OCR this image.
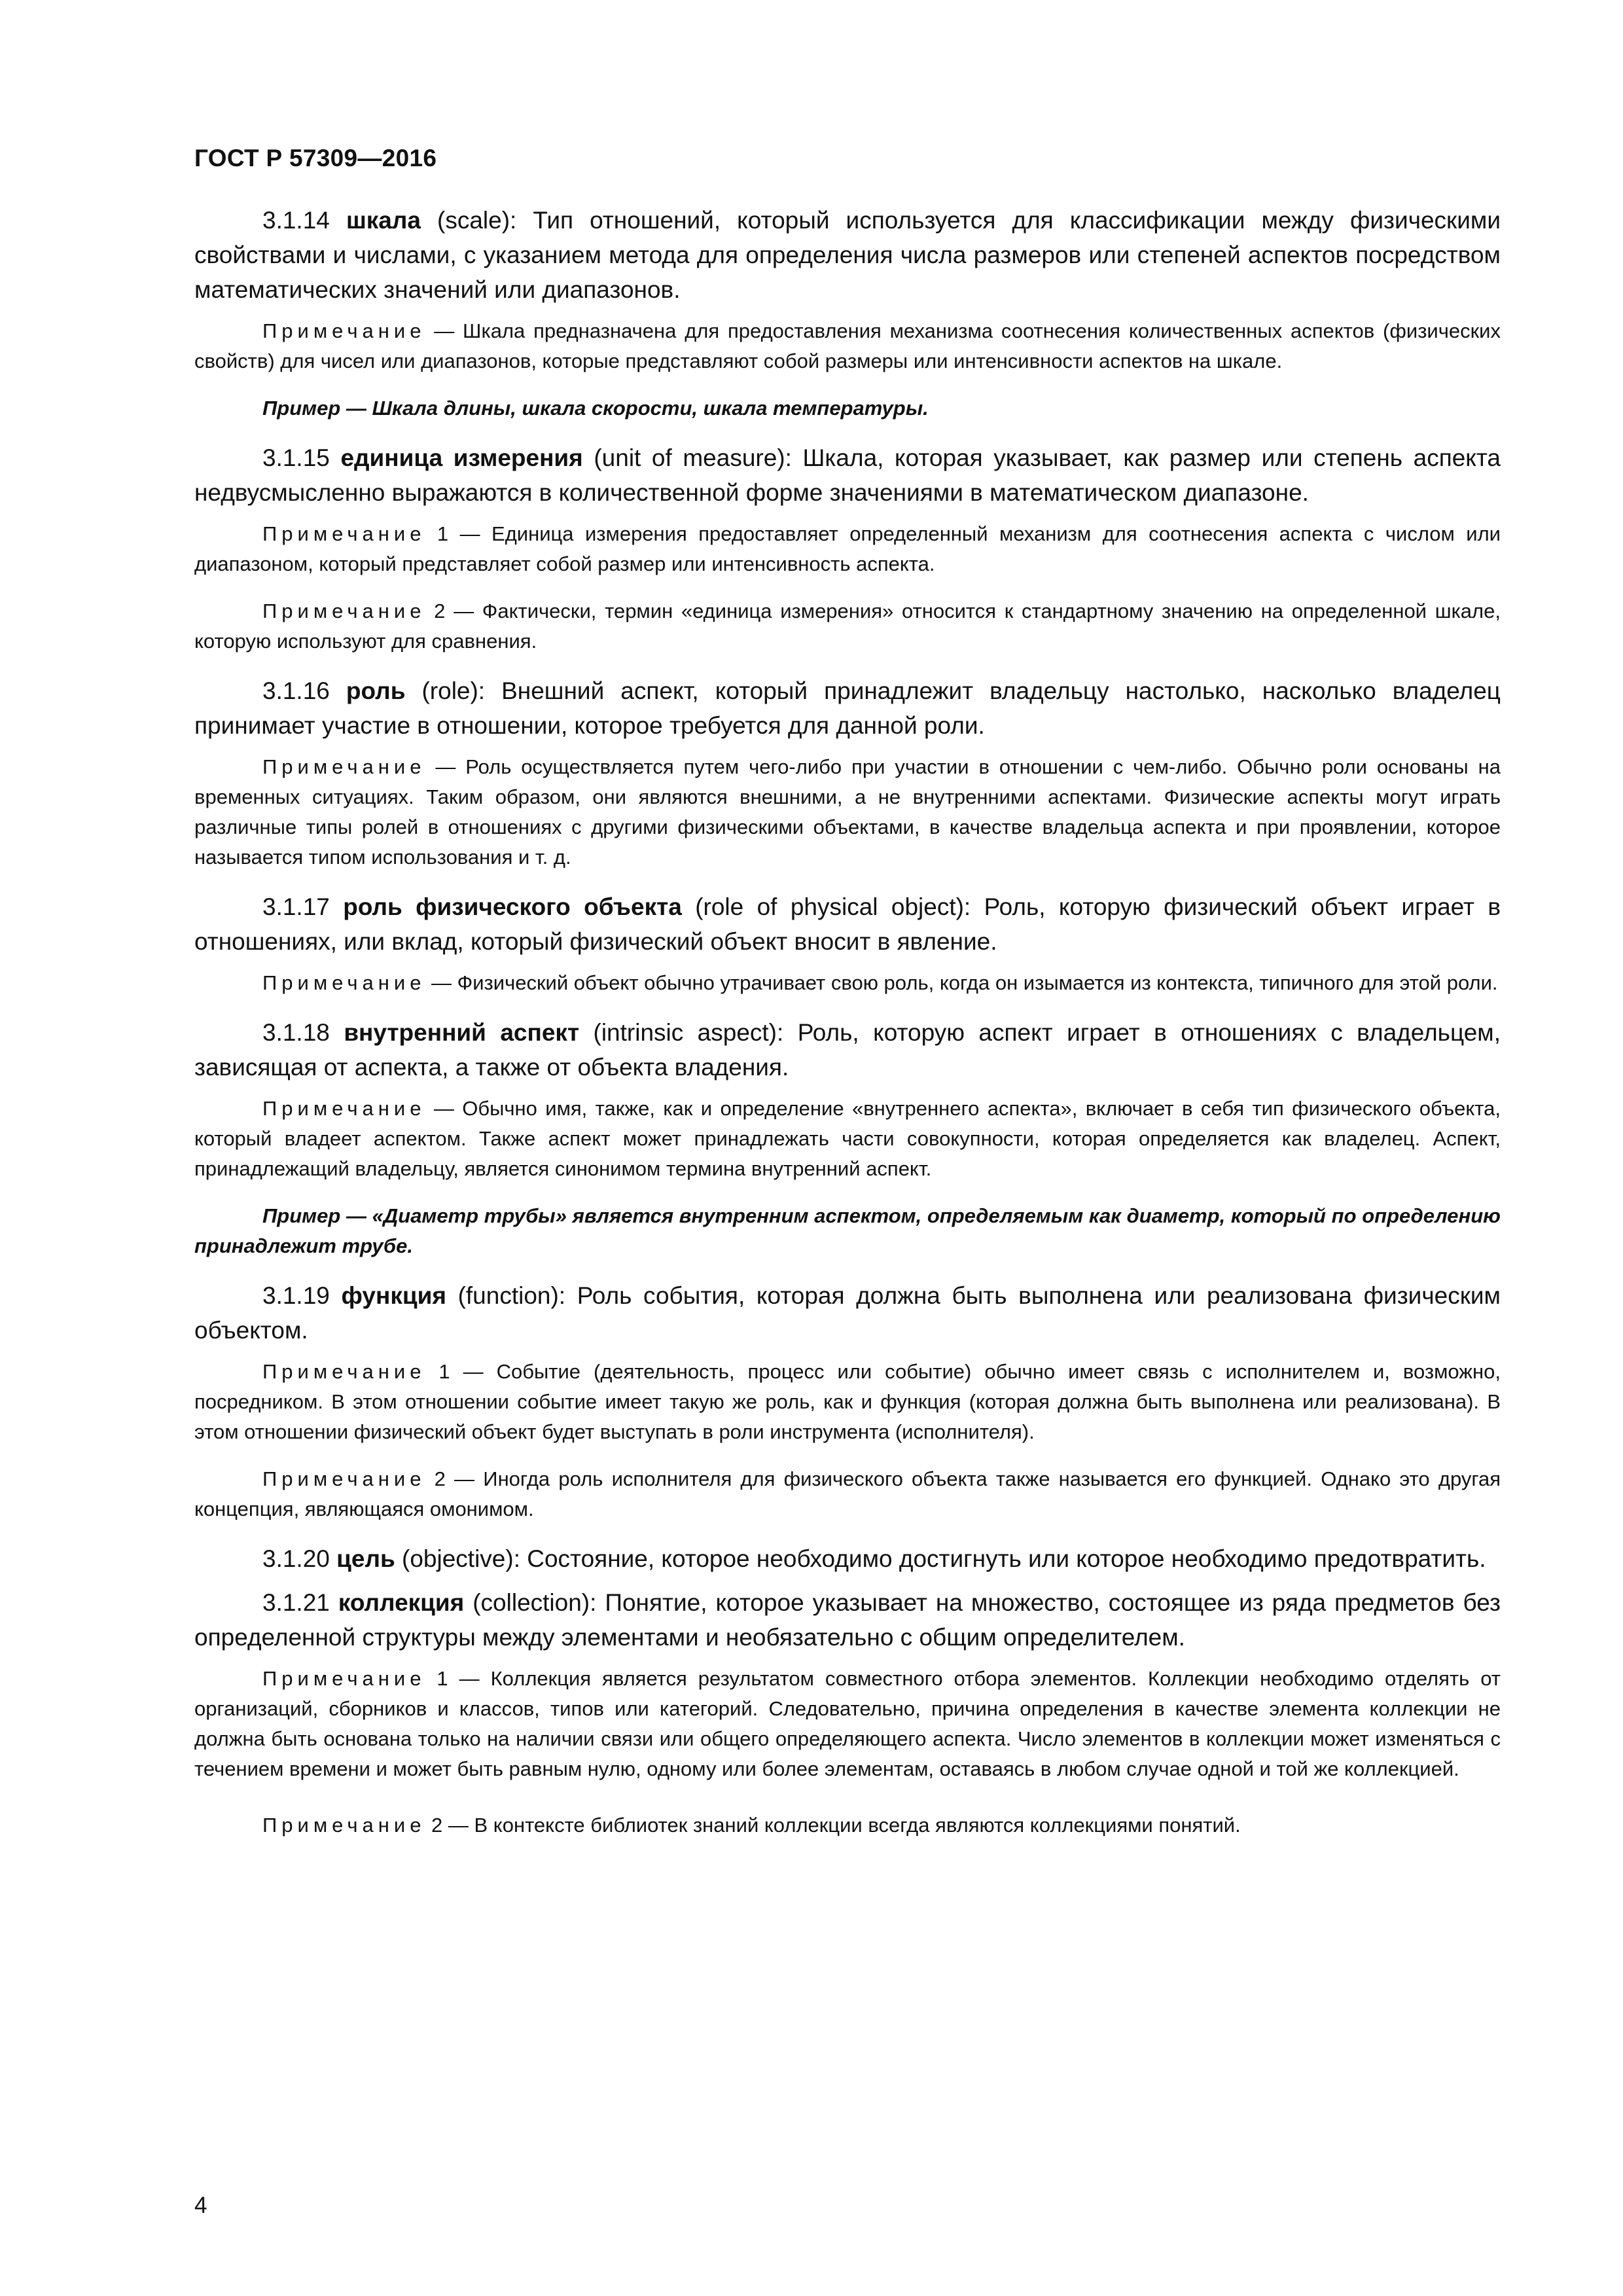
ГОСТ Р 57309—2016

3.1.14 шкала (scale): Тип отношений, который используется для классификации между физическими свойствами и числами, с указанием метода для определения числа размеров или степеней аспектов посредством математических значений или диапазонов.

Примечание — Шкала предназначена для предоставления механизма соотнесения количественных аспектов (физических свойств) для чисел или диапазонов, которые представляют собой размеры или интенсивности аспектов на шкале.

Пример — Шкала длины, шкала скорости, шкала температуры.

3.1.15 единица измерения (unit of measure): Шкала, которая указывает, как размер или степень аспекта недвусмысленно выражаются в количественной форме значениями в математическом диапазоне.

Примечание 1 — Единица измерения предоставляет определенный механизм для соотнесения аспекта с числом или диапазоном, который представляет собой размер или интенсивность аспекта.

Примечание 2 — Фактически, термин «единица измерения» относится к стандартному значению на определенной шкале, которую используют для сравнения.

3.1.16 роль (role): Внешний аспект, который принадлежит владельцу настолько, насколько владелец принимает участие в отношении, которое требуется для данной роли.

Примечание — Роль осуществляется путем чего-либо при участии в отношении с чем-либо. Обычно роли основаны на временных ситуациях. Таким образом, они являются внешними, а не внутренними аспектами. Физические аспекты могут играть различные типы ролей в отношениях с другими физическими объектами, в качестве владельца аспекта и при проявлении, которое называется типом использования и т. д.

3.1.17 роль физического объекта (role of physical object): Роль, которую физический объект играет в отношениях, или вклад, который физический объект вносит в явление.

Примечание — Физический объект обычно утрачивает свою роль, когда он изымается из контекста, типичного для этой роли.

3.1.18 внутренний аспект (intrinsic aspect): Роль, которую аспект играет в отношениях с владельцем, зависящая от аспекта, а также от объекта владения.

Примечание — Обычно имя, также, как и определение «внутреннего аспекта», включает в себя тип физического объекта, который владеет аспектом. Также аспект может принадлежать части совокупности, которая определяется как владелец. Аспект, принадлежащий владельцу, является синонимом термина внутренний аспект.

Пример — «Диаметр трубы» является внутренним аспектом, определяемым как диаметр, который по определению принадлежит трубе.

3.1.19 функция (function): Роль события, которая должна быть выполнена или реализована физическим объектом.

Примечание 1 — Событие (деятельность, процесс или событие) обычно имеет связь с исполнителем и, возможно, посредником. В этом отношении событие имеет такую же роль, как и функция (которая должна быть выполнена или реализована). В этом отношении физический объект будет выступать в роли инструмента (исполнителя).

Примечание 2 — Иногда роль исполнителя для физического объекта также называется его функцией. Однако это другая концепция, являющаяся омонимом.

3.1.20 цель (objective): Состояние, которое необходимо достигнуть или которое необходимо предотвратить.

3.1.21 коллекция (collection): Понятие, которое указывает на множество, состоящее из ряда предметов без определенной структуры между элементами и необязательно с общим определителем.

Примечание 1 — Коллекция является результатом совместного отбора элементов. Коллекции необходимо отделять от организаций, сборников и классов, типов или категорий. Следовательно, причина определения в качестве элемента коллекции не должна быть основана только на наличии связи или общего определяющего аспекта. Число элементов в коллекции может изменяться с течением времени и может быть равным нулю, одному или более элементам, оставаясь в любом случае одной и той же коллекцией.

Примечание 2 — В контексте библиотек знаний коллекции всегда являются коллекциями понятий.

4
